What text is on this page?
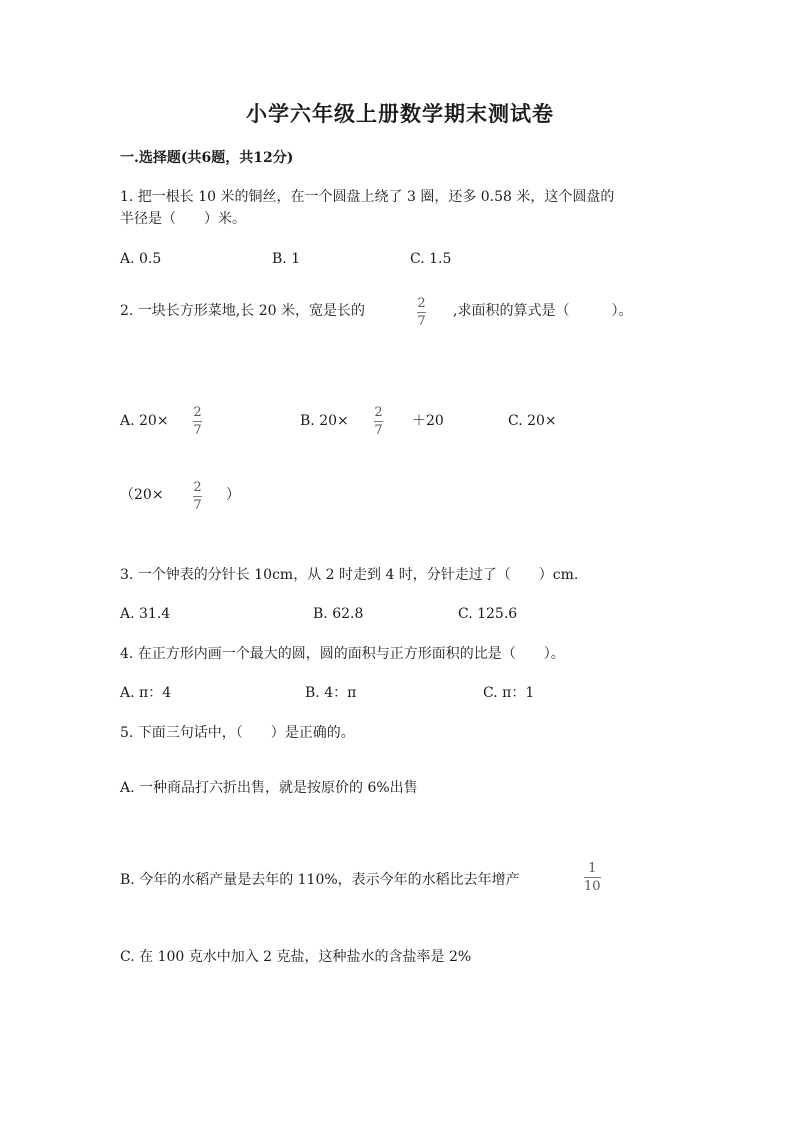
小学六年级上册数学期末测试卷
一.选择题(共6题，共12分)
1. 把一根长 10 米的铜丝，在一个圆盘上绕了 3 圈，还多 0.58 米，这个圆盘的
半径是（　　）米。
A. 0.5	B. 1	C. 1.5
2. 一块长方形菜地,长 20 米，宽是长的	2
7
,求面积的算式是（　　　）。
A. 20×
2
7
B. 20×
2
7
＋20	C. 20×
（20× 2
7
）
3. 一个钟表的分针长 10cm，从 2 时走到 4 时，分针走过了（　　）cm.
A. 31.4	B. 62.8	C. 125.6
4. 在正方形内画一个最大的圆，圆的面积与正方形面积的比是（　　）。
A. π：4	B. 4：π	C. π：1
5. 下面三句话中，（　　）是正确的。
A. 一种商品打六折出售，就是按原价的 6%出售
B. 今年的水稻产量是去年的 110%，表示今年的水稻比去年增产
1
10
C. 在 100 克水中加入 2 克盐，这种盐水的含盐率是 2%
